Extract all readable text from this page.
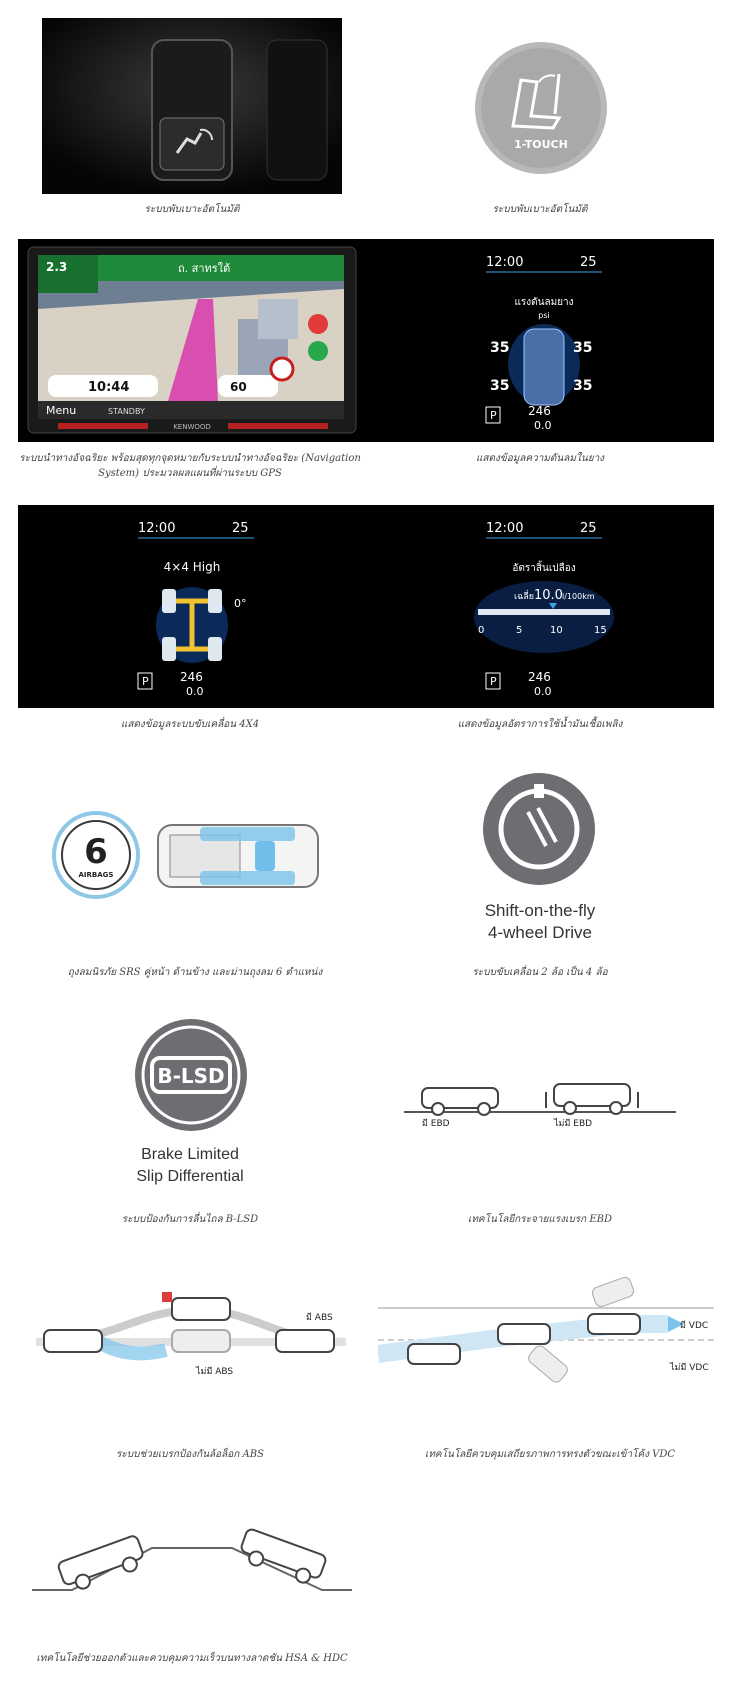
ระบบพับเบาะอัตโนมัติ
1-TOUCH
ระบบพับเบาะอัตโนมัติ
2.3	ถ. สาทรใต้
10:44	60
Menu	STANDBY
KENWOOD
ระบบนำทางอัจฉริยะ พร้อมสุดทุกจุดหมายกับระบบนำทางอัจฉริยะ (Navigation System) ประมวลผลแผนที่ผ่านระบบ GPS
12:00	25
แรงดันลมยาง
psi
35	35
35	35
P	246
0.0
แสดงข้อมูลความดันลมในยาง
12:00	25
4×4 High
0°
P	246
0.0
แสดงข้อมูลระบบขับเคลื่อน 4X4
12:00	25
อัตราสิ้นเปลือง
เฉลี่ย 10.0 l/100km
0	5	10	15
P	246
0.0
แสดงข้อมูลอัตราการใช้น้ำมันเชื้อเพลิง
6
AIRBAGS
ถุงลมนิรภัย SRS คู่หน้า ด้านข้าง และม่านถุงลม 6 ตำแหน่ง
Shift-on-the-fly
4-wheel Drive
ระบบขับเคลื่อน 2 ล้อ เป็น 4 ล้อ
B-LSD
Brake Limited
Slip Differential
ระบบป้องกันการลื่นไถล B-LSD
มี EBD	ไม่มี EBD
เทคโนโลยีกระจายแรงเบรก EBD
มี ABS
ไม่มี ABS
ระบบช่วยเบรกป้องกันล้อล็อก ABS
มี VDC
ไม่มี VDC
เทคโนโลยีควบคุมเสถียรภาพการทรงตัวขณะเข้าโค้ง VDC
เทคโนโลยีช่วยออกตัวและควบคุมความเร็วบนทางลาดชัน HSA & HDC
